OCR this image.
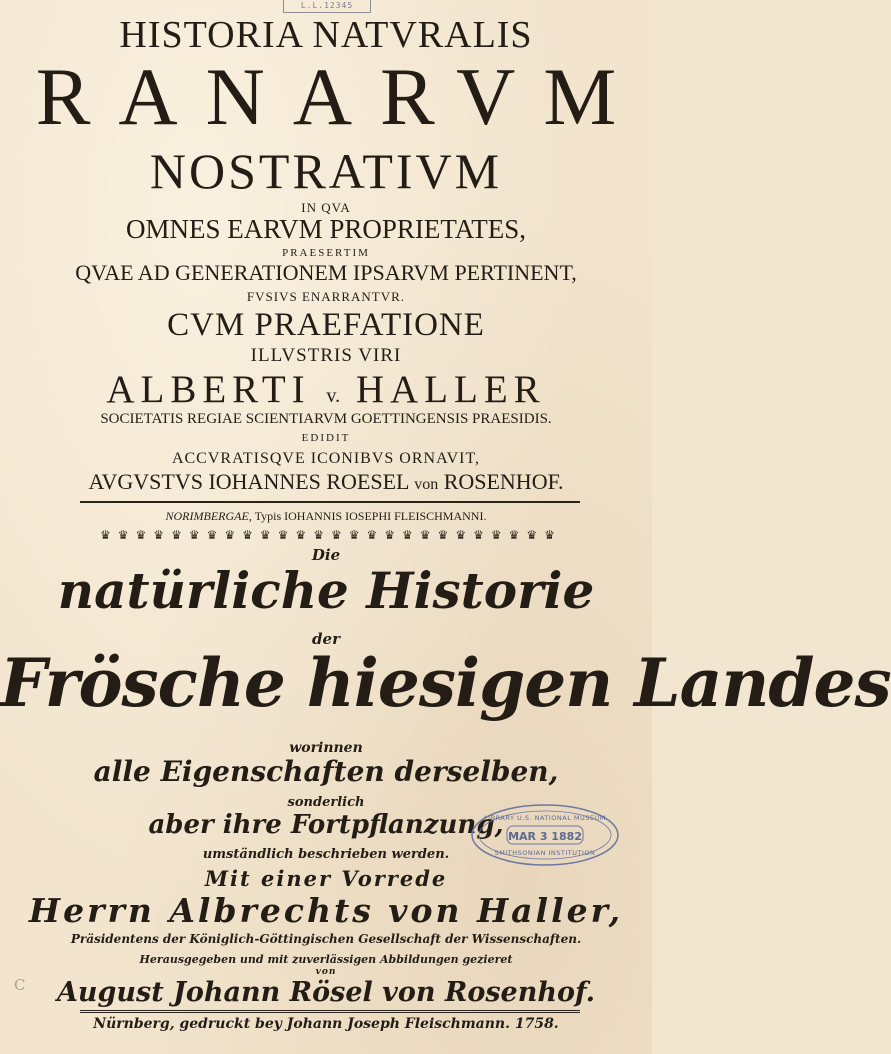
L.L.12345
HISTORIA NATVRALIS
RANARVM
NOSTRATIVM
IN QVA
OMNES EARVM PROPRIETATES,
PRAESERTIM
QVAE AD GENERATIONEM IPSARVM PERTINENT,
FVSIVS ENARRANTVR.
CVM PRAEFATIONE
ILLVSTRIS VIRI
ALBERTI v. HALLER
SOCIETATIS REGIAE SCIENTIARVM GOETTINGENSIS PRAESIDIS.
EDIDIT
ACCVRATISQVE ICONIBVS ORNAVIT,
AVGVSTVS IOHANNES ROESEL von ROSENHOF.
NORIMBERGAE, Typis IOHANNIS IOSEPHI FLEISCHMANNI.
♛ ♛ ♛ ♛ ♛ ♛ ♛ ♛ ♛ ♛ ♛ ♛ ♛ ♛ ♛ ♛ ♛ ♛ ♛ ♛ ♛ ♛ ♛ ♛ ♛ ♛
Die
natürliche Historie
der
Frösche hiesigen Landes
worinnen
alle Eigenschaften derselben,
sonderlich
aber ihre Fortpflanzung,
umständlich beschrieben werden.
Mit einer Vorrede
Herrn Albrechts von Haller,
Präsidentens der Königlich-Göttingischen Gesellschaft der Wissenschaften.
Herausgegeben und mit zuverlässigen Abbildungen gezieret
von
August Johann Rösel von Rosenhof.
Nürnberg, gedruckt bey Johann Joseph Fleischmann. 1758.
LIBRARY U.S. NATIONAL MUSEUM
MAR 3 1882
SMITHSONIAN INSTITUTION
C
